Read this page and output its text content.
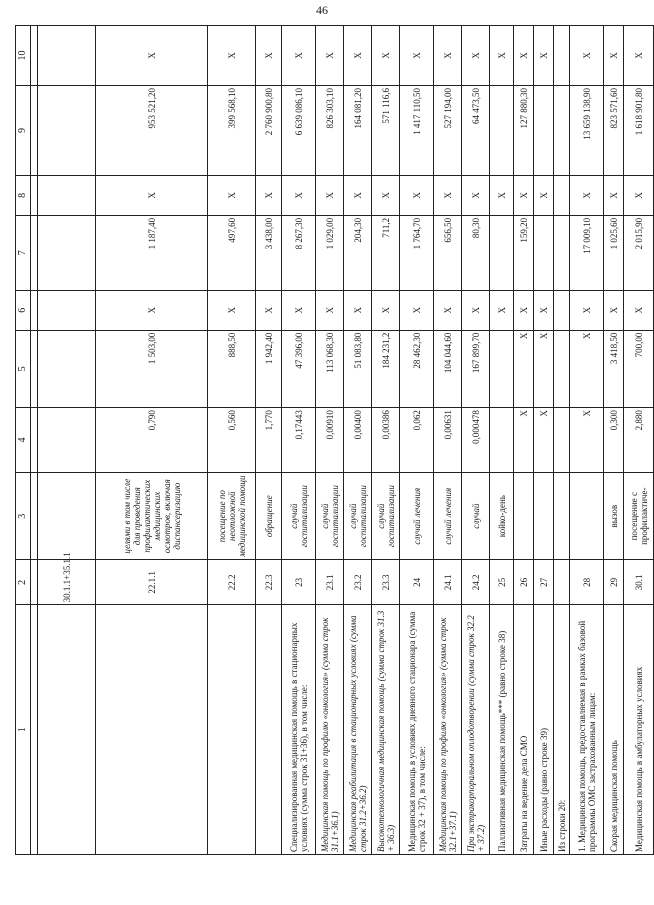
46
1	2	3	4	5	6	7	8	9	10

	30.1.1+35.1.1								
	22.1.1	целями в том числе для проведения профилактических медицинских осмотров, включая диспансеризацию	0,790	1 503,00	Х	1 187,40	Х	953 521,20	Х
	22.2	посещение по неотложной медицинской помощи	0,560	888,50	Х	497,60	Х	399 568,10	Х
	22.3	обращение	1,770	1 942,40	Х	3 438,00	Х	2 760 900,80	Х
Специализированная медицинская помощь в стационарных условиях (сумма строк 31+36), в том числе:	23	случай госпитализации	0,17443	47 396,00	Х	8 267,30	Х	6 639 086,10	Х
Медицинская помощь по профилю «онкология» (сумма строк 31.1+36.1)	23.1	случай госпитализации	0,00910	113 068,30	Х	1 029,00	Х	826 303,10	Х
Медицинская реабилитация в стационарных условиях (сумма строк 31.2+36.2)	23.2	случай госпитализации	0,00400	51 083,80	Х	204,30	Х	164 081,20	Х
Высокотехнологичная медицинская помощь (сумма строк 31.3 + 36.3)	23.3	случай госпитализации	0,00386	184 231,2	Х	711,2	Х	571 116,6	Х
Медицинская помощь в условиях дневного стационара (сумма строк 32 + 37), в том числе:	24	случай лечения	0,062	28 462,30	Х	1 764,70	Х	1 417 110,50	Х
Медицинская помощь по профилю «онкология» (сумма строк 32.1+37.1)	24.1	случай лечения	0,00631	104 044,60	Х	656,50	Х	527 194,00	Х
При экстракорпоральном оплодотворении (сумма строк 32.2 + 37.2)	24.2	случай	0,000478	167 899,70	Х	80,30	Х	64 473,50	Х
Паллиативная медицинская помощь*** (равно строке 38)	25	койко-день			Х		Х		Х
Затраты на ведение дела СМО	26		Х	Х	Х	159,20	Х	127 880,30	Х
Иные расходы (равно строке 39)	27		Х	Х	Х		Х		Х
Из строки 20:									
1. Медицинская помощь, предоставляемая в рамках базовой программы ОМС застрахованным лицам:	28		Х	Х	Х	17 009,10	Х	13 659 138,90	Х
Скорая медицинская помощь	29	вызов	0,300	3 418,50	Х	1 025,60	Х	823 571,60	Х
Медицинская помощь в амбулаторных условиях	30.1	посещение с профилактиче-	2,880	700,00	Х	2 015,90	Х	1 618 901,80	Х
